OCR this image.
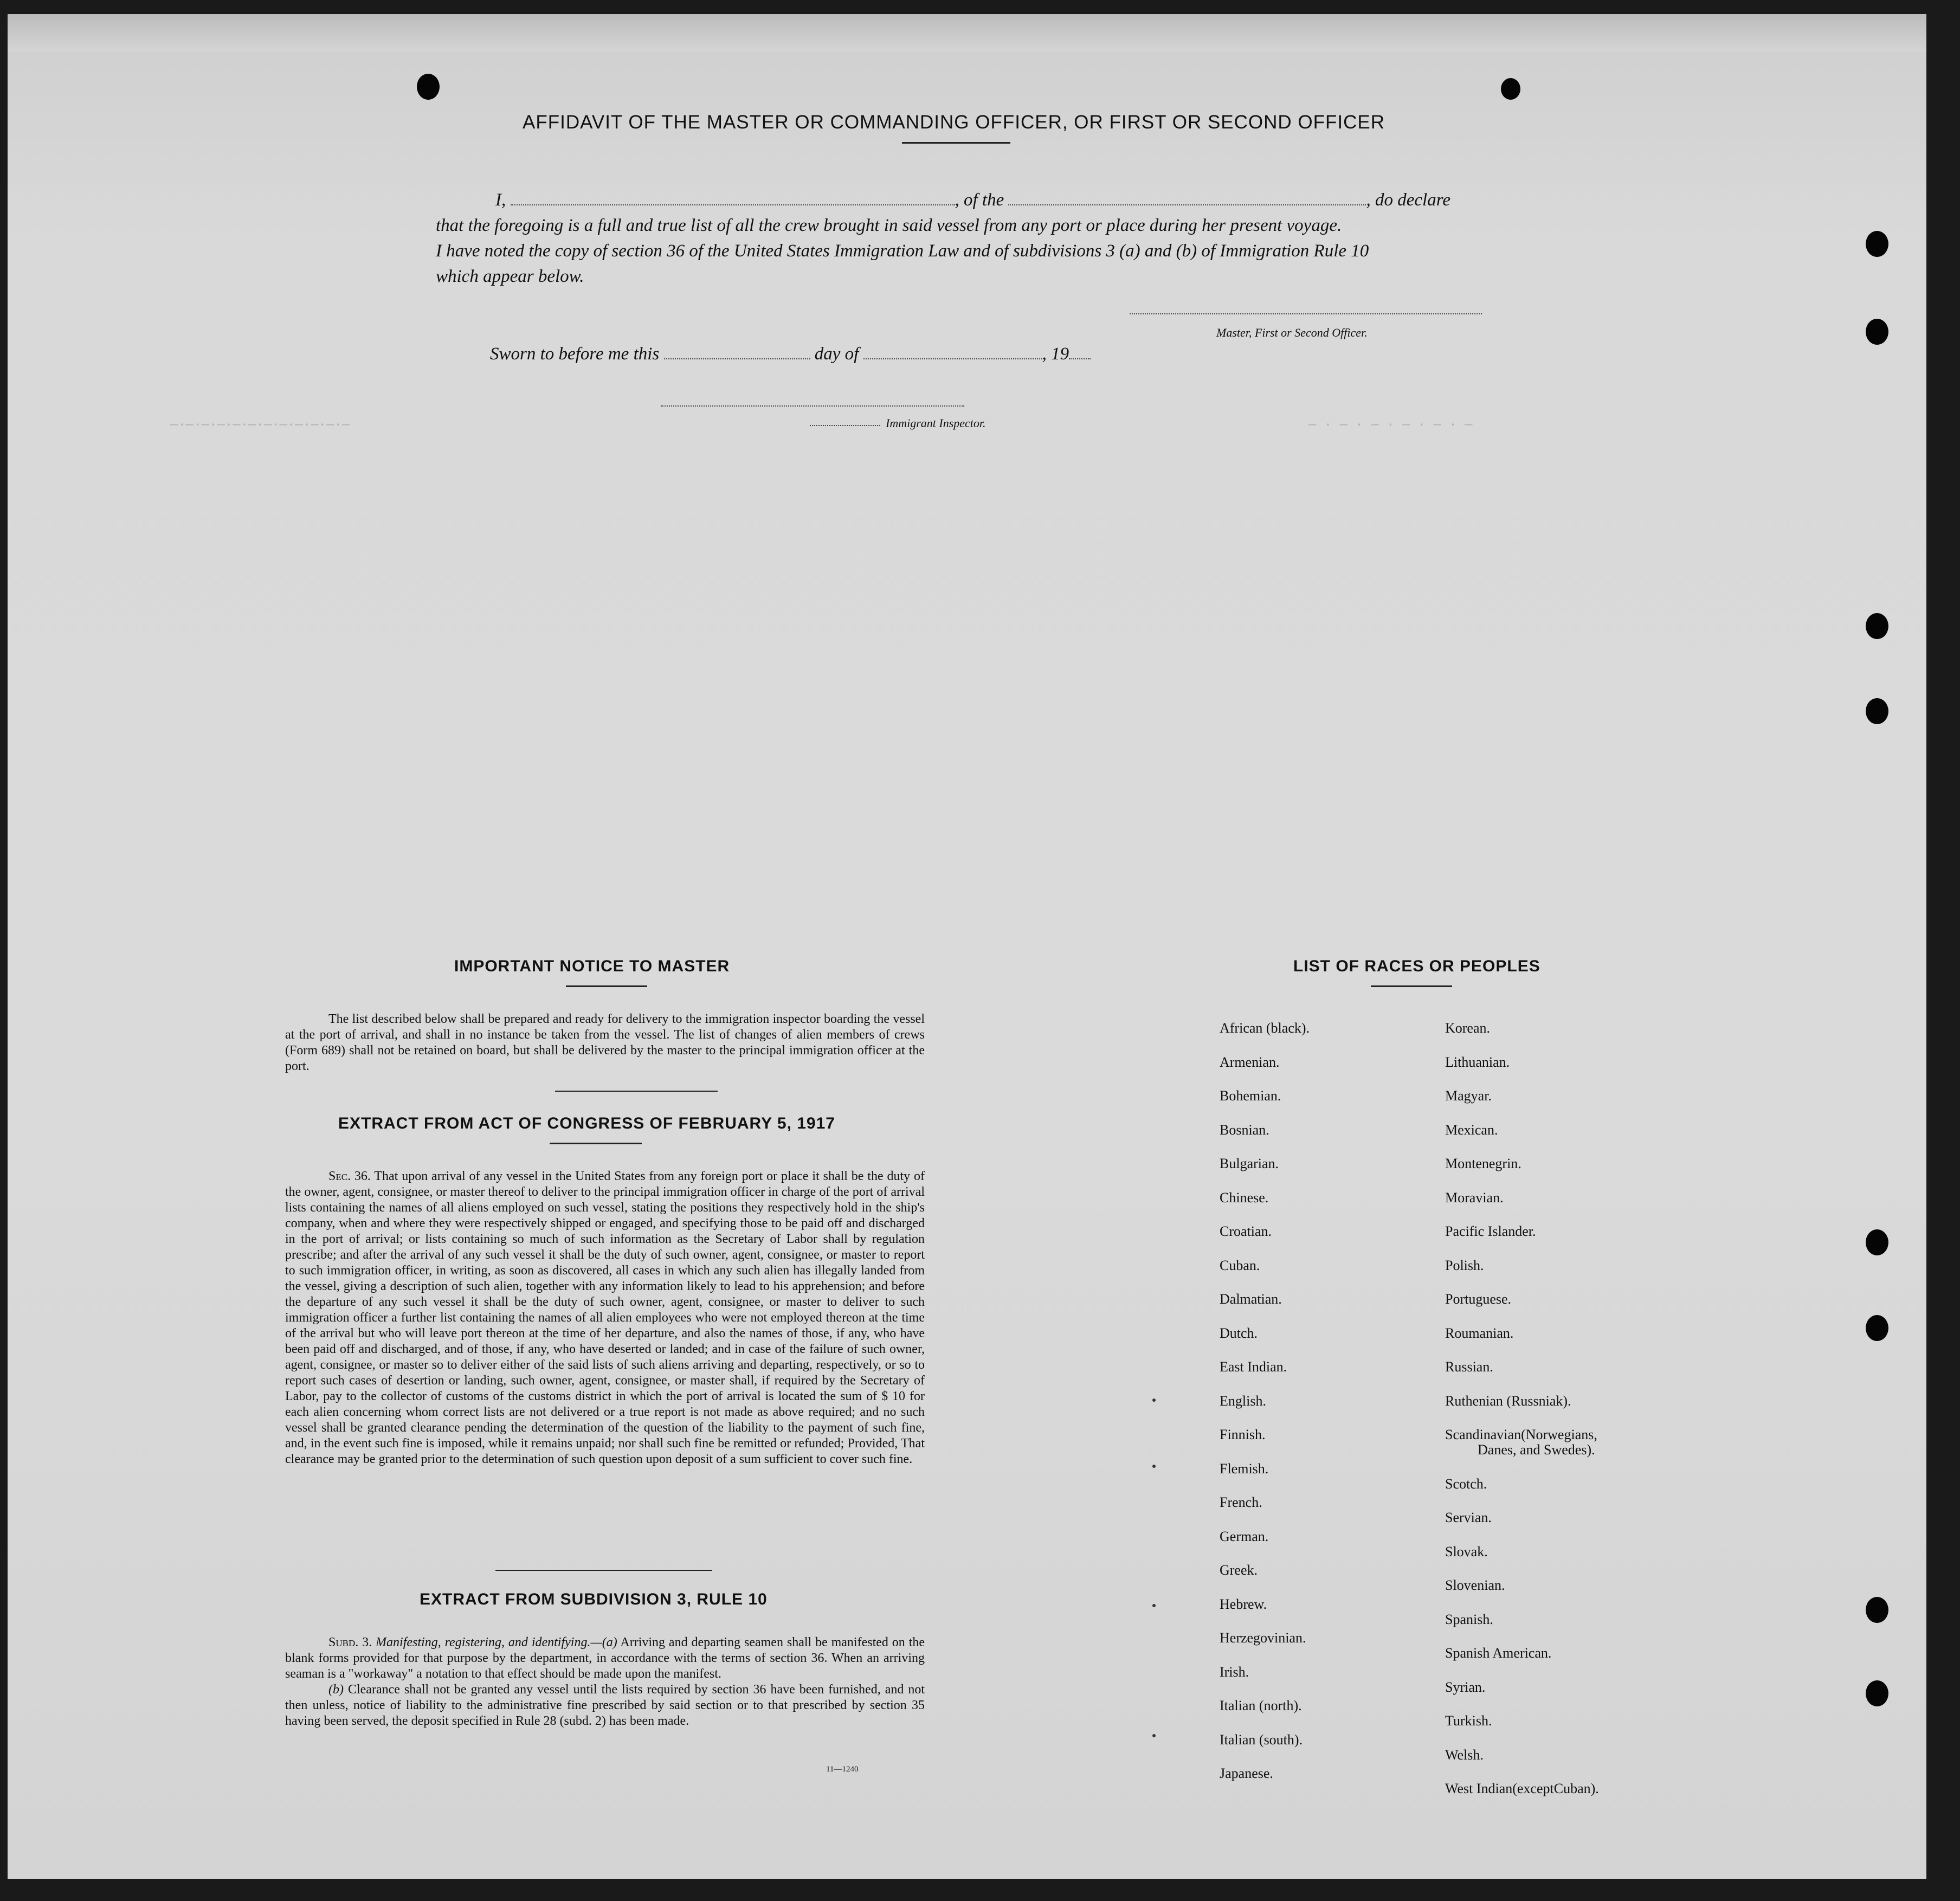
—·—·—·—·—·—·—·—·—·—·—·—	— · — · — · — · — · —
AFFIDAVIT OF THE MASTER OR COMMANDING OFFICER, OR FIRST OR SECOND OFFICER
I,	, of the	, do declare
that the foregoing is a full and true list of all the crew brought in said vessel from any port or place during her present voyage.
I have noted the copy of section 36 of the United States Immigration Law and of subdivisions 3 (a) and (b) of Immigration Rule 10
which appear below.
Master, First or Second Officer.
Sworn to before me this	day of	, 19
Immigrant Inspector.
IMPORTANT NOTICE TO MASTER
The list described below shall be prepared and ready for delivery to the immigration inspector boarding the vessel at the port of arrival, and shall in no instance be taken from the vessel. The list of changes of alien members of crews (Form 689) shall not be retained on board, but shall be delivered by the master to the principal immigration officer at the port.
EXTRACT FROM ACT OF CONGRESS OF FEBRUARY 5, 1917
Sec. 36. That upon arrival of any vessel in the United States from any foreign port or place it shall be the duty of the owner, agent, consignee, or master thereof to deliver to the principal immigration officer in charge of the port of arrival lists containing the names of all aliens employed on such vessel, stating the positions they respectively hold in the ship's company, when and where they were respectively shipped or engaged, and specifying those to be paid off and discharged in the port of arrival; or lists containing so much of such information as the Secretary of Labor shall by regulation prescribe; and after the arrival of any such vessel it shall be the duty of such owner, agent, consignee, or master to report to such immigration officer, in writing, as soon as discovered, all cases in which any such alien has illegally landed from the vessel, giving a description of such alien, together with any information likely to lead to his apprehension; and before the departure of any such vessel it shall be the duty of such owner, agent, consignee, or master to deliver to such immigration officer a further list containing the names of all alien employees who were not employed thereon at the time of the arrival but who will leave port thereon at the time of her departure, and also the names of those, if any, who have been paid off and discharged, and of those, if any, who have deserted or landed; and in case of the failure of such owner, agent, consignee, or master so to deliver either of the said lists of such aliens arriving and departing, respectively, or so to report such cases of desertion or landing, such owner, agent, consignee, or master shall, if required by the Secretary of Labor, pay to the collector of customs of the customs district in which the port of arrival is located the sum of $ 10 for each alien concerning whom correct lists are not delivered or a true report is not made as above required; and no such vessel shall be granted clearance pending the determination of the question of the liability to the payment of such fine, and, in the event such fine is imposed, while it remains unpaid; nor shall such fine be remitted or refunded; Provided, That clearance may be granted prior to the determination of such question upon deposit of a sum sufficient to cover such fine.
EXTRACT FROM SUBDIVISION 3, RULE 10
Subd. 3. Manifesting, registering, and identifying.—(a) Arriving and departing seamen shall be manifested on the blank forms provided for that purpose by the department, in accordance with the terms of section 36. When an arriving seaman is a "workaway" a notation to that effect should be made upon the manifest.
(b) Clearance shall not be granted any vessel until the lists required by section 36 have been furnished, and not then unless, notice of liability to the administrative fine prescribed by said section or to that prescribed by section 35 having been served, the deposit specified in Rule 28 (subd. 2) has been made.
11—1240
LIST OF RACES OR PEOPLES
African (black).
Armenian.
Bohemian.
Bosnian.
Bulgarian.
Chinese.
Croatian.
Cuban.
Dalmatian.
Dutch.
East Indian.
English.
Finnish.
Flemish.
French.
German.
Greek.
Hebrew.
Herzegovinian.
Irish.
Italian (north).
Italian (south).
Japanese.
Korean.
Lithuanian.
Magyar.
Mexican.
Montenegrin.
Moravian.
Pacific Islander.
Polish.
Portuguese.
Roumanian.
Russian.
Ruthenian (Russniak).
Scandinavian(Norwegians,
Danes, and Swedes).
Scotch.
Servian.
Slovak.
Slovenian.
Spanish.
Spanish American.
Syrian.
Turkish.
Welsh.
West Indian(exceptCuban).
